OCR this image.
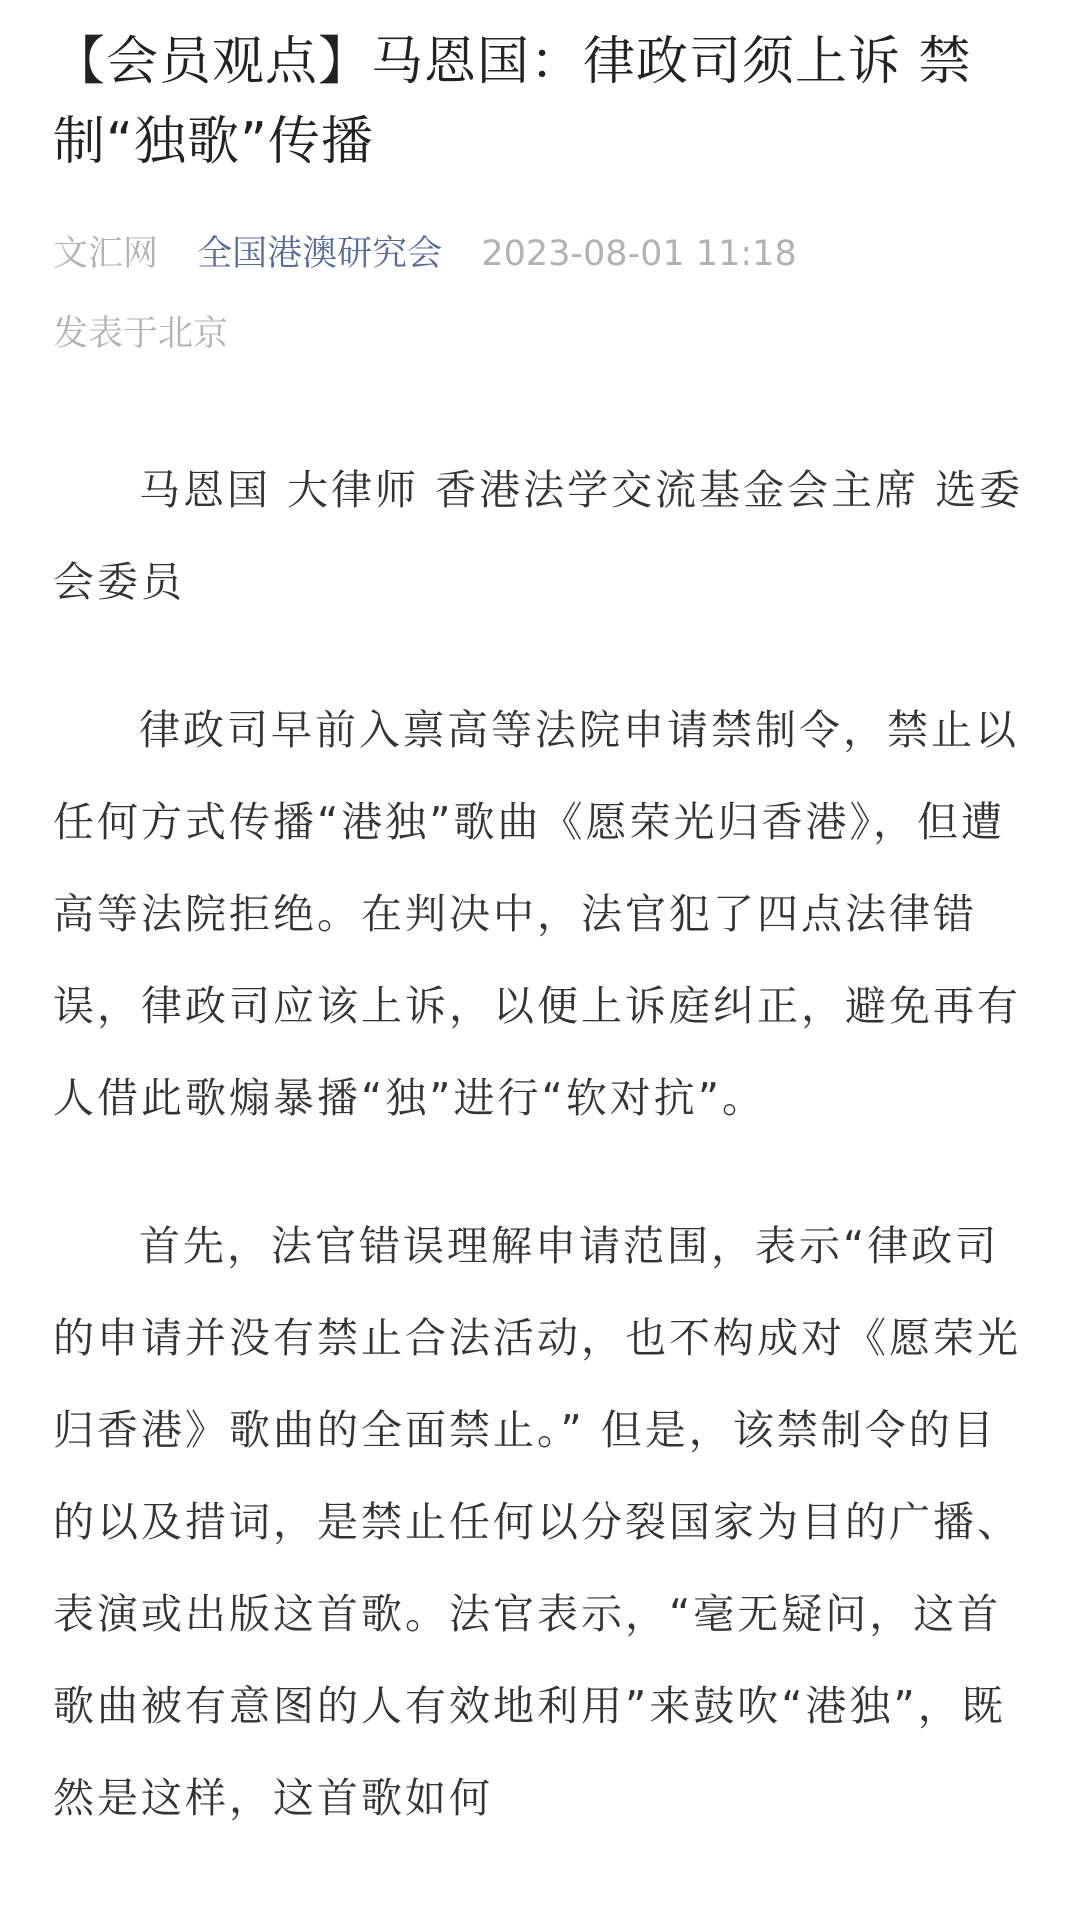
【会员观点】马恩国：律政司须上诉 禁制“独歌”传播
文汇网 全国港澳研究会 2023-08-01 11:18
发表于北京

马恩国 大律师 香港法学交流基金会主席 选委会委员

律政司早前入禀高等法院申请禁制令，禁止以任何方式传播“港独”歌曲《愿荣光归香港》，但遭高等法院拒绝。在判决中，法官犯了四点法律错误，律政司应该上诉，以便上诉庭纠正，避免再有人借此歌煽暴播“独”进行“软对抗”。

首先，法官错误理解申请范围，表示“律政司的申请并没有禁止合法活动，也不构成对《愿荣光归香港》歌曲的全面禁止。” 但是，该禁制令的目的以及措词，是禁止任何以分裂国家为目的广播、表演或出版这首歌。法官表示，“毫无疑问，这首歌曲被有意图的人有效地利用”来鼓吹“港独”，既然是这样，这首歌如何
